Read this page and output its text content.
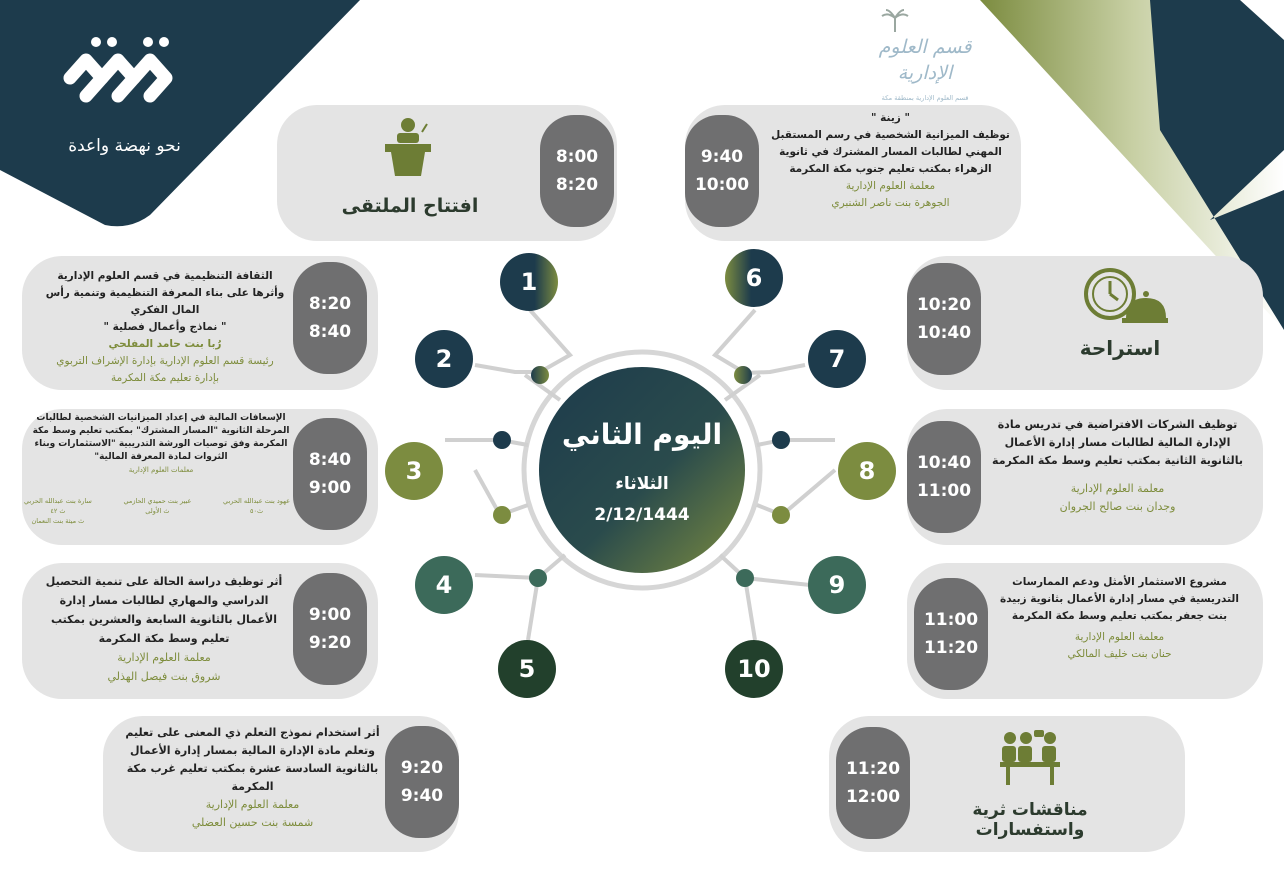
نحو نهضة واعدة
قسم العلوم الإدارية
قسم العلوم الإدارية بمنطقة مكة
اليوم الثاني
الثلاثاء
2/12/1444
1
2
3
4
5
6
7
8
9
10
8:00
8:20
افتتاح الملتقى
8:20
8:40
الثقافة التنظيمية في قسم العلوم الإدارية وأثرها على بناء المعرفة التنظيمية وتنمية رأس المال الفكري
" نماذج وأعمال فصلية "
رُبا بنت حامد المفلحي
رئيسة قسم العلوم الإدارية بإدارة الإشراف التربوي
بإدارة تعليم مكة المكرمة
8:40
9:00
الإسعافات المالية في إعداد الميزانيات الشخصية لطالبات المرحلة الثانوية "المسار المشترك" بمكتب تعليم وسط مكة المكرمة وفق توصيات الورشة التدريبية "الاستثمارات وبناء الثروات لمادة المعرفة المالية"
معلمات العلوم الإدارية
عهود بنت عبدالله الحربي
ث٥٠
عبير بنت حميدي الحازمي
ث الأولى
سارة بنت عبدالله الحربي
ث ٤٢
ث ميثة بنت النعمان
9:00
9:20
أثر توظيف دراسة الحالة على تنمية التحصيل الدراسي والمهاري لطالبات مسار إدارة الأعمال بالثانوية السابعة والعشرين بمكتب تعليم وسط مكة المكرمة
معلمة العلوم الإدارية
شروق بنت فيصل الهذلي
9:20
9:40
أثر استخدام نموذج التعلم ذي المعنى على تعليم وتعلم مادة الإدارة المالية بمسار إدارة الأعمال بالثانوية السادسة عشرة بمكتب تعليم غرب مكة المكرمة
معلمة العلوم الإدارية
شمسة بنت حسين العضلي
9:40
10:00
" زينة "
توظيف الميزانية الشخصية في رسم المستقبل المهني لطالبات المسار المشترك في ثانوية الزهراء بمكتب تعليم جنوب مكة المكرمة
معلمة العلوم الإدارية
الجوهرة بنت ناصر الشنبري
10:20
10:40
استراحة
10:40
11:00
توظيف الشركات الافتراضية في تدريس مادة الإدارة المالية لطالبات مسار إدارة الأعمال بالثانوية الثانية بمكتب تعليم وسط مكة المكرمة
معلمة العلوم الإدارية
وجدان بنت صالح الجروان
11:00
11:20
مشروع الاستثمار الأمثل ودعم الممارسات التدريسية في مسار إدارة الأعمال بثانوية زبيدة بنت جعفر بمكتب تعليم وسط مكة المكرمة
معلمة العلوم الإدارية
حنان بنت خليف المالكي
11:20
12:00
مناقشات ثرية واستفسارات
